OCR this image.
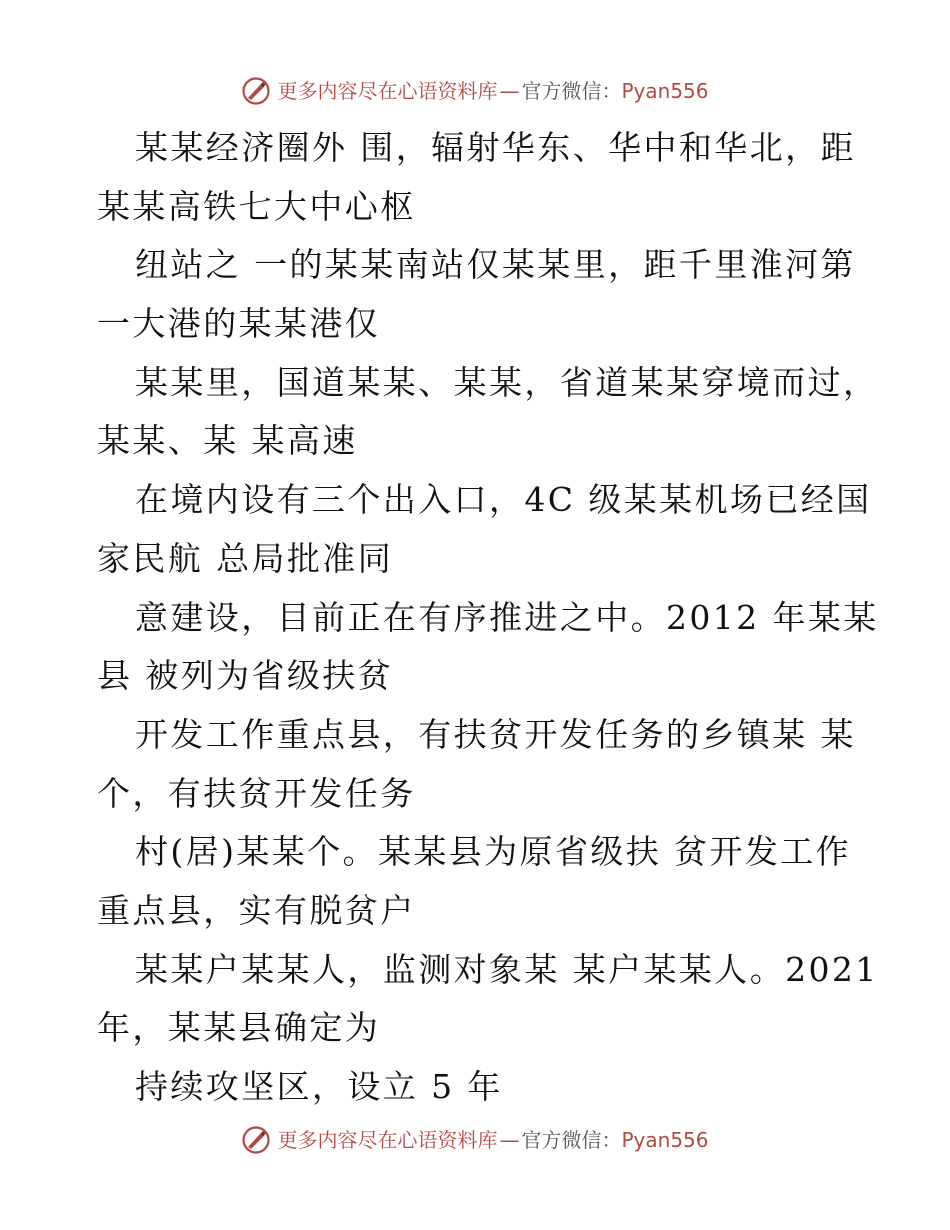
更多内容尽在心语资料库 — 官方微信： Pyan556
某某经济圈外 围，辐射华东、华中和华北，距
某某高铁七大中心枢
纽站之 一的某某南站仅某某里，距千里淮河第
一大港的某某港仅
某某里，国道某某、某某，省道某某穿境而过，
某某、某 某高速
在境内设有三个出入口，4C 级某某机场已经国
家民航 总局批准同
意建设，目前正在有序推进之中。2012 年某某
县 被列为省级扶贫
开发工作重点县，有扶贫开发任务的乡镇某 某
个，有扶贫开发任务
村(居)某某个。某某县为原省级扶 贫开发工作
重点县，实有脱贫户
某某户某某人，监测对象某 某户某某人。2021
年，某某县确定为
持续攻坚区，设立 5 年
更多内容尽在心语资料库 — 官方微信： Pyan556
